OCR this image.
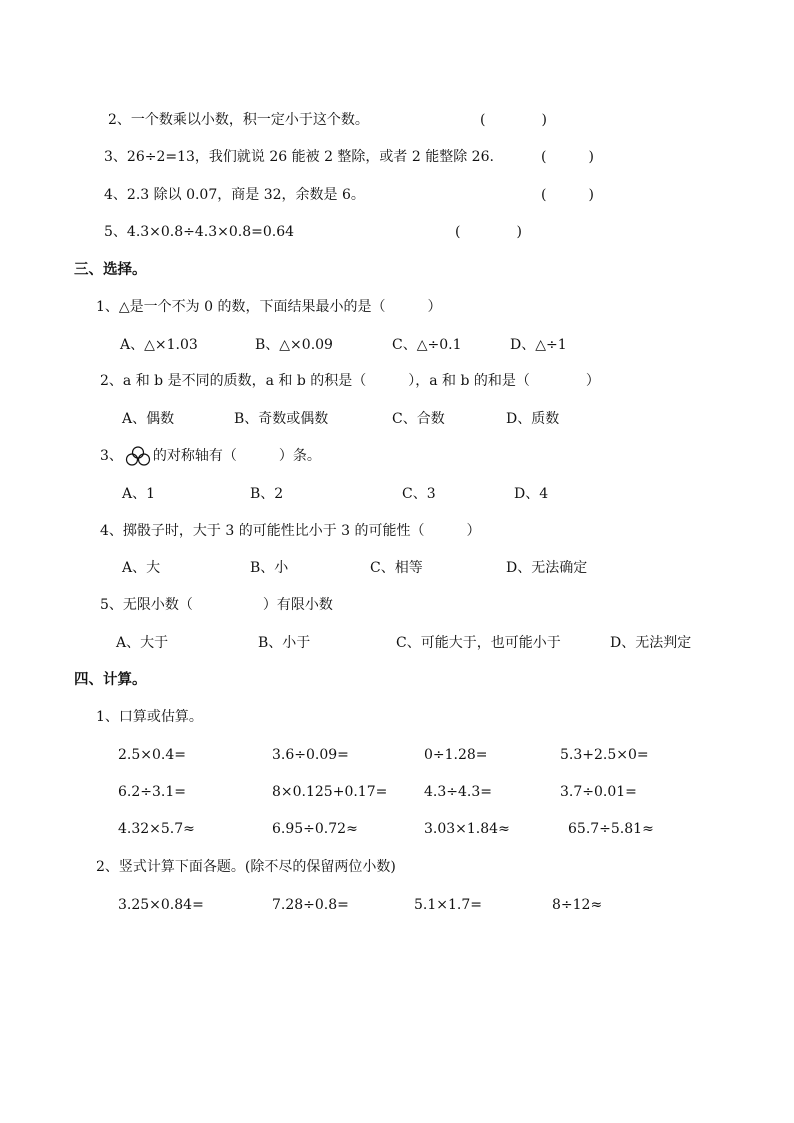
2、一个数乘以小数，积一定小于这个数。	(　　　　)
3、26÷2=13，我们就说 26 能被 2 整除，或者 2 能整除 26.	(　　　)
4、2.3 除以 0.07，商是 32，余数是 6。	(　　　)
5、4.3×0.8÷4.3×0.8=0.64	(　　　　)
三、选择。
1、△是一个不为 0 的数，下面结果最小的是（　　　）
A、△×1.03	B、△×0.09	C、△÷0.1	D、△÷1
2、a 和 b 是不同的质数，a 和 b 的积是（　　　），a 和 b 的和是（　　　　）
A、偶数	B、奇数或偶数	C、合数	D、质数
3、 的对称轴有（　　　）条。
A、1	B、2	C、3	D、4
4、掷骰子时，大于 3 的可能性比小于 3 的可能性（　　　）
A、大	B、小	C、相等	D、无法确定
5、无限小数（　　　　　）有限小数
A、大于	B、小于	C、可能大于，也可能小于	D、无法判定
四、计算。
1、口算或估算。
2.5×0.4=	3.6÷0.09=	0÷1.28=	5.3+2.5×0=
6.2÷3.1=	8×0.125+0.17=	4.3÷4.3=	3.7÷0.01=
4.32×5.7≈	6.95÷0.72≈	3.03×1.84≈	65.7÷5.81≈
2、竖式计算下面各题。(除不尽的保留两位小数)
3.25×0.84=	7.28÷0.8=	5.1×1.7=	8÷12≈
